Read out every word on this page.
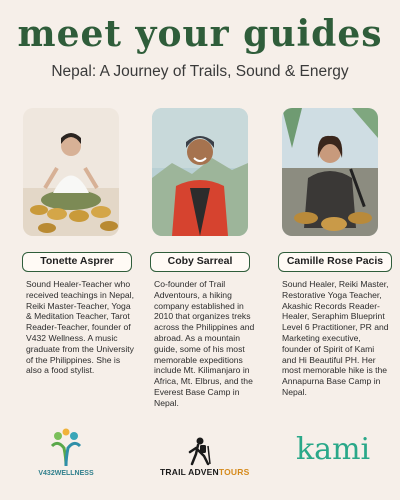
meet your guides
Nepal: A Journey of Trails, Sound & Energy
Tonette Asprer	Coby Sarreal	Camille Rose Pacis
Sound Healer-Teacher who received teachings in Nepal, Reiki Master-Teacher, Yoga & Meditation Teacher, Tarot Reader-Teacher, founder of V432 Wellness. A music graduate from the University of the Philippines. She is also a food stylist.
Co-founder of Trail Adventours, a hiking company established in 2010 that organizes treks across the Philippines and abroad. As a mountain guide, some of his most memorable expeditions include Mt. Kilimanjaro in Africa, Mt. Elbrus, and the Everest Base Camp in Nepal.
Sound Healer, Reiki Master, Restorative Yoga Teacher, Akashic Records Reader-Healer, Seraphim Blueprint Level 6 Practitioner, PR and Marketing executive, founder of Spirit of Kami and Hi Beautiful PH. Her most memorable hike is the Annapurna Base Camp in Nepal.
V432WELLNESS	TRAIL ADVENTOURS
kami
